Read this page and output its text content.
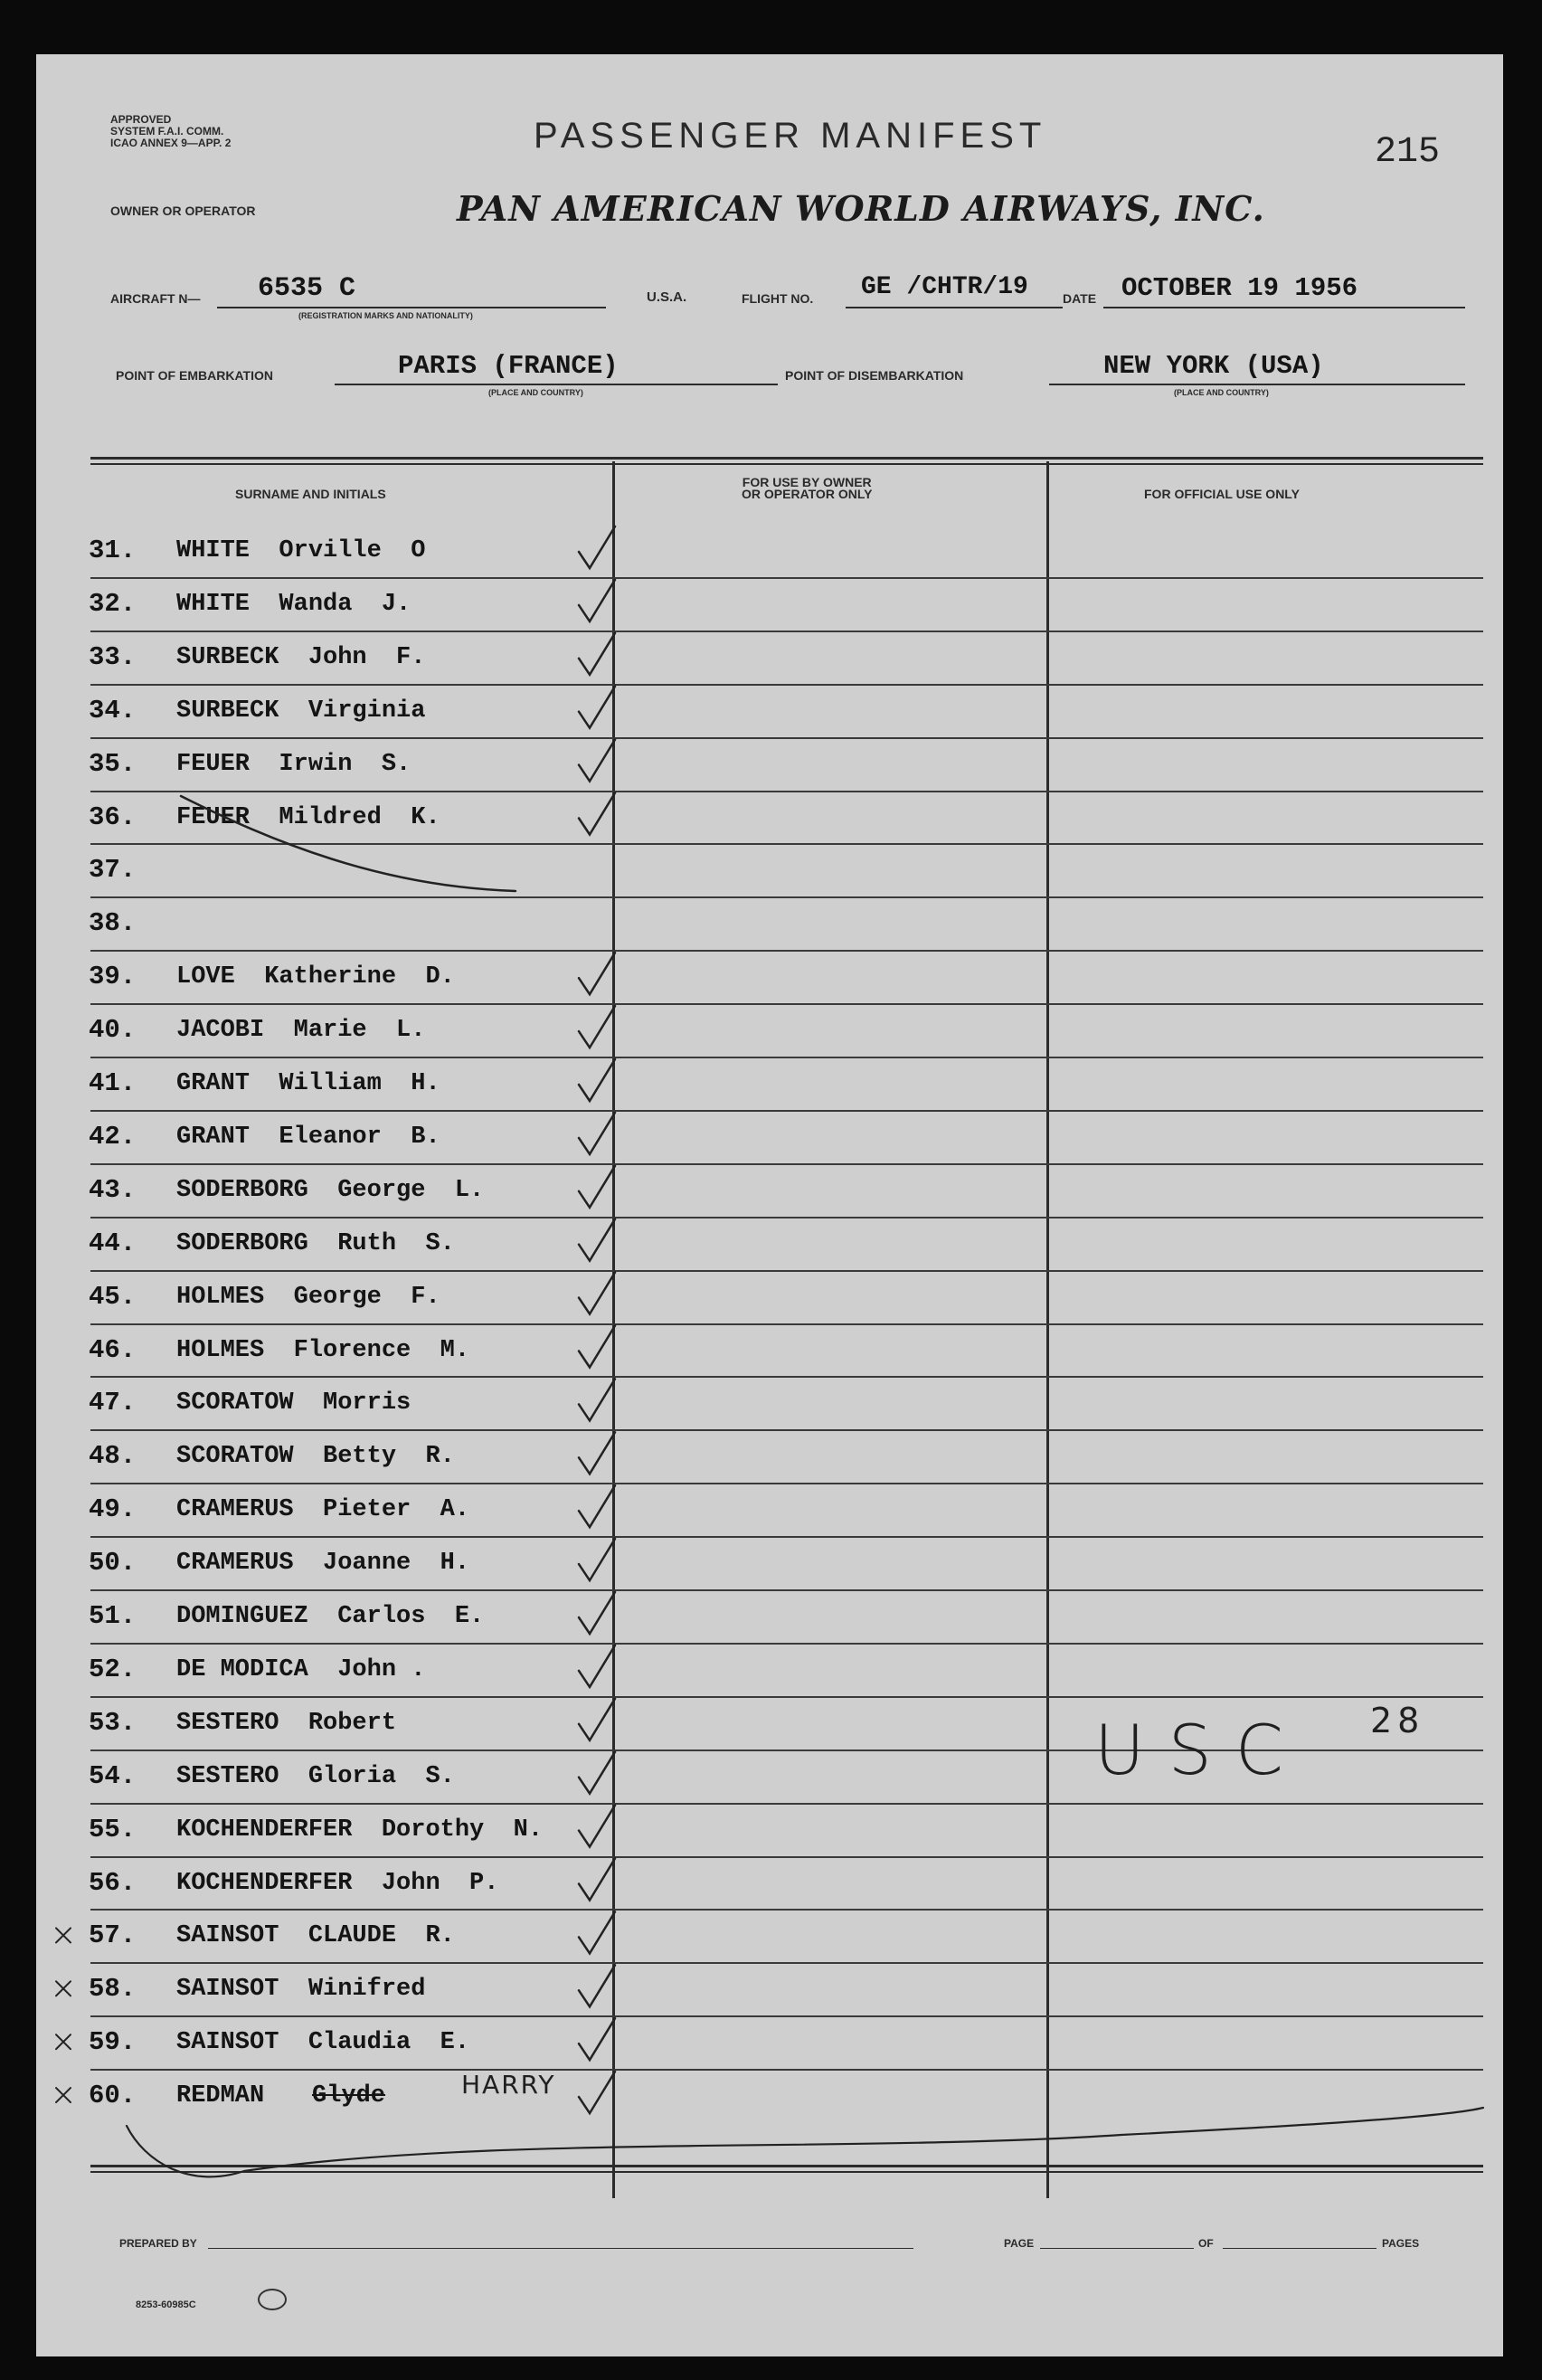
APPROVED
SYSTEM F.A.I. COMM.
ICAO ANNEX 9—APP. 2	PASSENGER MANIFEST	215
OWNER OR OPERATOR	PAN AMERICAN WORLD AIRWAYS, INC.
AIRCRAFT N— 6535 C
(REGISTRATION MARKS AND NATIONALITY)
U.S.A.	FLIGHT NO. GE /CHTR/19	DATE OCTOBER 19 1956
POINT OF EMBARKATION	PARIS (FRANCE)
(PLACE AND COUNTRY)
POINT OF DISEMBARKATION	NEW YORK (USA)
(PLACE AND COUNTRY)
SURNAME AND INITIALS
FOR USE BY OWNER
OR OPERATOR ONLY	FOR OFFICIAL USE ONLY
31. WHITE  Orville  O
32. WHITE  Wanda  J.
33. SURBECK  John  F.
34. SURBECK  Virginia
35. FEUER  Irwin  S.
36. FEUER  Mildred  K.
37.
38.
39. LOVE  Katherine  D.
40. JACOBI  Marie  L.
41. GRANT  William  H.
42. GRANT  Eleanor  B.
43. SODERBORG  George  L.
44. SODERBORG  Ruth  S.
45. HOLMES  George  F.
46. HOLMES  Florence  M.
47. SCORATOW  Morris
48. SCORATOW  Betty  R.
49. CRAMERUS  Pieter  A.
50. CRAMERUS  Joanne  H.
51. DOMINGUEZ  Carlos  E.
52. DE MODICA  John .
53. SESTERO  Robert
54. SESTERO  Gloria  S.
55. KOCHENDERFER  Dorothy  N.
56. KOCHENDERFER  John  P.
57. SAINSOT  CLAUDE  R.
58. SAINSOT  Winifred
59. SAINSOT  Claudia  E.
60. REDMAN Glyde
PREPARED BY	PAGE	OF	PAGES
8253-60985C
HARRY
USC 28
